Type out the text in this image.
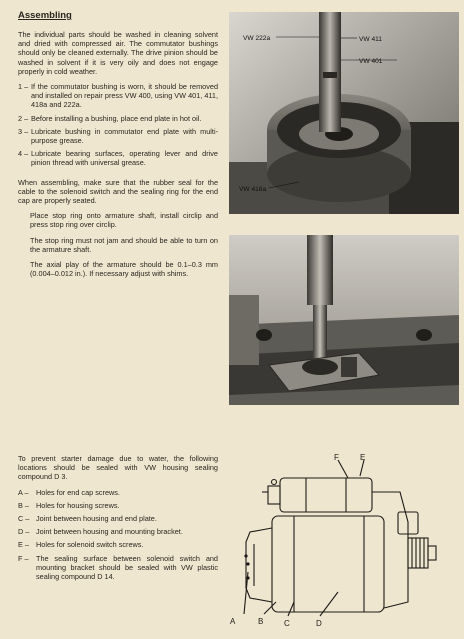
Assembling

The individual parts should be washed in cleaning solvent and dried with compressed air. The commutator bushings should only be cleaned externally. The drive pinion should be washed in solvent if it is very oily and does not engage properly in cold weather.

1 – If the commutator bushing is worn, it should be removed and installed on repair press VW 400, using VW 401, 411, 418a and 222a.
2 – Before installing a bushing, place end plate in hot oil.
3 – Lubricate bushing in commutator end plate with multi-purpose grease.
4 – Lubricate bearing surfaces, operating lever and drive pinion thread with universal grease.

When assembling, make sure that the rubber seal for the cable to the solenoid switch and the sealing ring for the end cap are properly seated.

Place stop ring onto armature shaft, install circlip and press stop ring over circlip.

The stop ring must not jam and should be able to turn on the armature shaft.

The axial play of the armature should be 0.1–0.3 mm (0.004–0.012 in.). If necessary adjust with shims.

To prevent starter damage due to water, the following locations should be sealed with VW housing sealing compound D 3.

A –	Holes for end cap screws.
B – Holes for housing screws.
C – Joint between housing and end plate.
D – Joint between housing and mounting bracket.
E – Holes for solenoid switch screws.
F –	The sealing surface between solenoid switch and mounting bracket should be sealed with VW plastic sealing compound D 14.
VW 222a	VW 411
VW 401
VW 418a
F	E
A	B	C	D
